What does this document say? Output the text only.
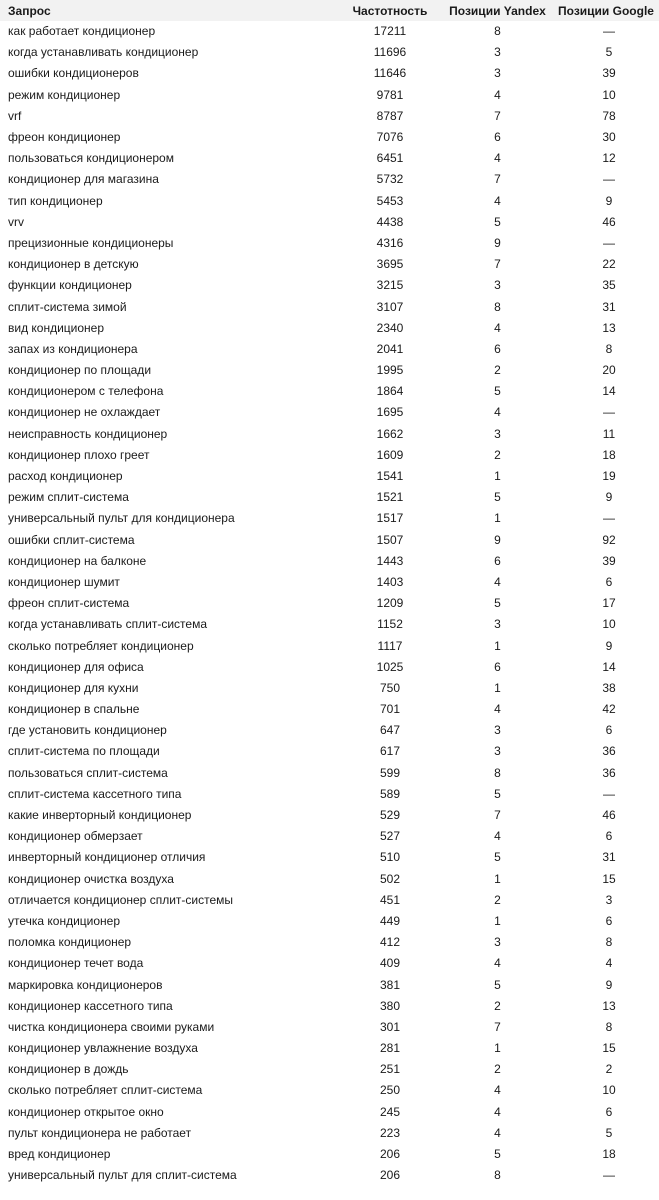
Запрос	Частотность	Позиции Yandex	Позиции Google
как работает кондиционер	17211	8	—
когда устанавливать кондиционер	11696	3	5
ошибки кондиционеров	11646	3	39
режим кондиционер	9781	4	10
vrf	8787	7	78
фреон кондиционер	7076	6	30
пользоваться кондиционером	6451	4	12
кондиционер для магазина	5732	7	—
тип кондиционер	5453	4	9
vrv	4438	5	46
прецизионные кондиционеры	4316	9	—
кондиционер в детскую	3695	7	22
функции кондиционер	3215	3	35
сплит-система зимой	3107	8	31
вид кондиционер	2340	4	13
запах из кондиционера	2041	6	8
кондиционер по площади	1995	2	20
кондиционером с телефона	1864	5	14
кондиционер не охлаждает	1695	4	—
неисправность кондиционер	1662	3	11
кондиционер плохо греет	1609	2	18
расход кондиционер	1541	1	19
режим сплит-система	1521	5	9
универсальный пульт для кондиционера	1517	1	—
ошибки сплит-система	1507	9	92
кондиционер на балконе	1443	6	39
кондиционер шумит	1403	4	6
фреон сплит-система	1209	5	17
когда устанавливать сплит-система	1152	3	10
сколько потребляет кондиционер	1117	1	9
кондиционер для офиса	1025	6	14
кондиционер для кухни	750	1	38
кондиционер в спальне	701	4	42
где установить кондиционер	647	3	6
сплит-система по площади	617	3	36
пользоваться сплит-система	599	8	36
сплит-система кассетного типа	589	5	—
какие инверторный кондиционер	529	7	46
кондиционер обмерзает	527	4	6
инверторный кондиционер отличия	510	5	31
кондиционер очистка воздуха	502	1	15
отличается кондиционер сплит-системы	451	2	3
утечка кондиционер	449	1	6
поломка кондиционер	412	3	8
кондиционер течет вода	409	4	4
маркировка кондиционеров	381	5	9
кондиционер кассетного типа	380	2	13
чистка кондиционера своими руками	301	7	8
кондиционер увлажнение воздуха	281	1	15
кондиционер в дождь	251	2	2
сколько потребляет сплит-система	250	4	10
кондиционер открытое окно	245	4	6
пульт кондиционера не работает	223	4	5
вред кондиционер	206	5	18
универсальный пульт для сплит-система	206	8	—
